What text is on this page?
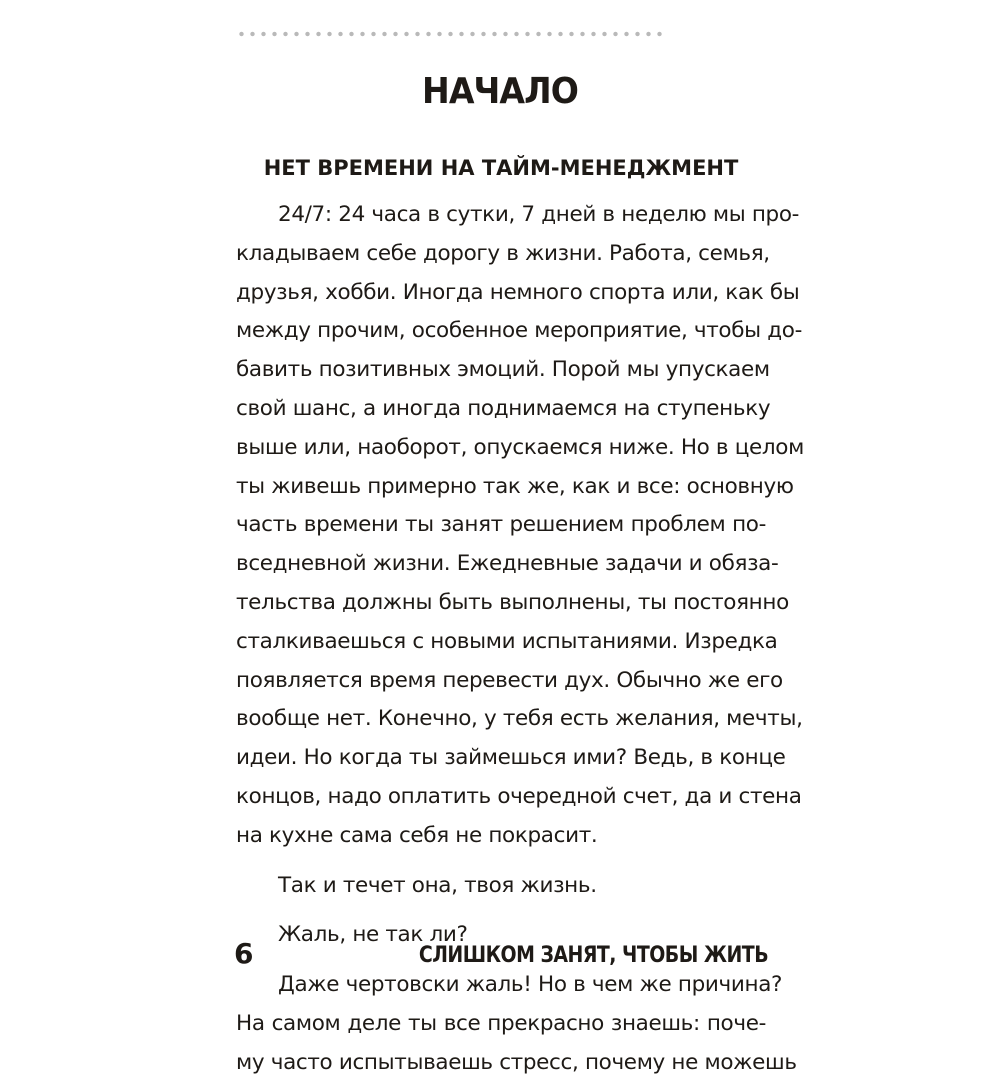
НАЧАЛО
НЕТ ВРЕМЕНИ НА ТАЙМ-МЕНЕДЖМЕНТ
24/7: 24 часа в сутки, 7 дней в неделю мы про-
кладываем себе дорогу в жизни. Работа, семья,
друзья, хобби. Иногда немного спорта или, как бы
между прочим, особенное мероприятие, чтобы до-
бавить позитивных эмоций. Порой мы упускаем
свой шанс, а иногда поднимаемся на ступеньку
выше или, наоборот, опускаемся ниже. Но в целом
ты живешь примерно так же, как и все: основную
часть времени ты занят решением проблем по-
вседневной жизни. Ежедневные задачи и обяза-
тельства должны быть выполнены, ты постоянно
сталкиваешься с новыми испытаниями. Изредка
появляется время перевести дух. Обычно же его
вообще нет. Конечно, у тебя есть желания, мечты,
идеи. Но когда ты займешься ими? Ведь, в конце
концов, надо оплатить очередной счет, да и стена
на кухне сама себя не покрасит.
Так и течет она, твоя жизнь.
Жаль, не так ли?
Даже чертовски жаль! Но в чем же причина?
На самом деле ты все прекрасно знаешь: поче-
му часто испытываешь стресс, почему не можешь
6	СЛИШКОМ ЗАНЯТ, ЧТОБЫ ЖИТЬ
